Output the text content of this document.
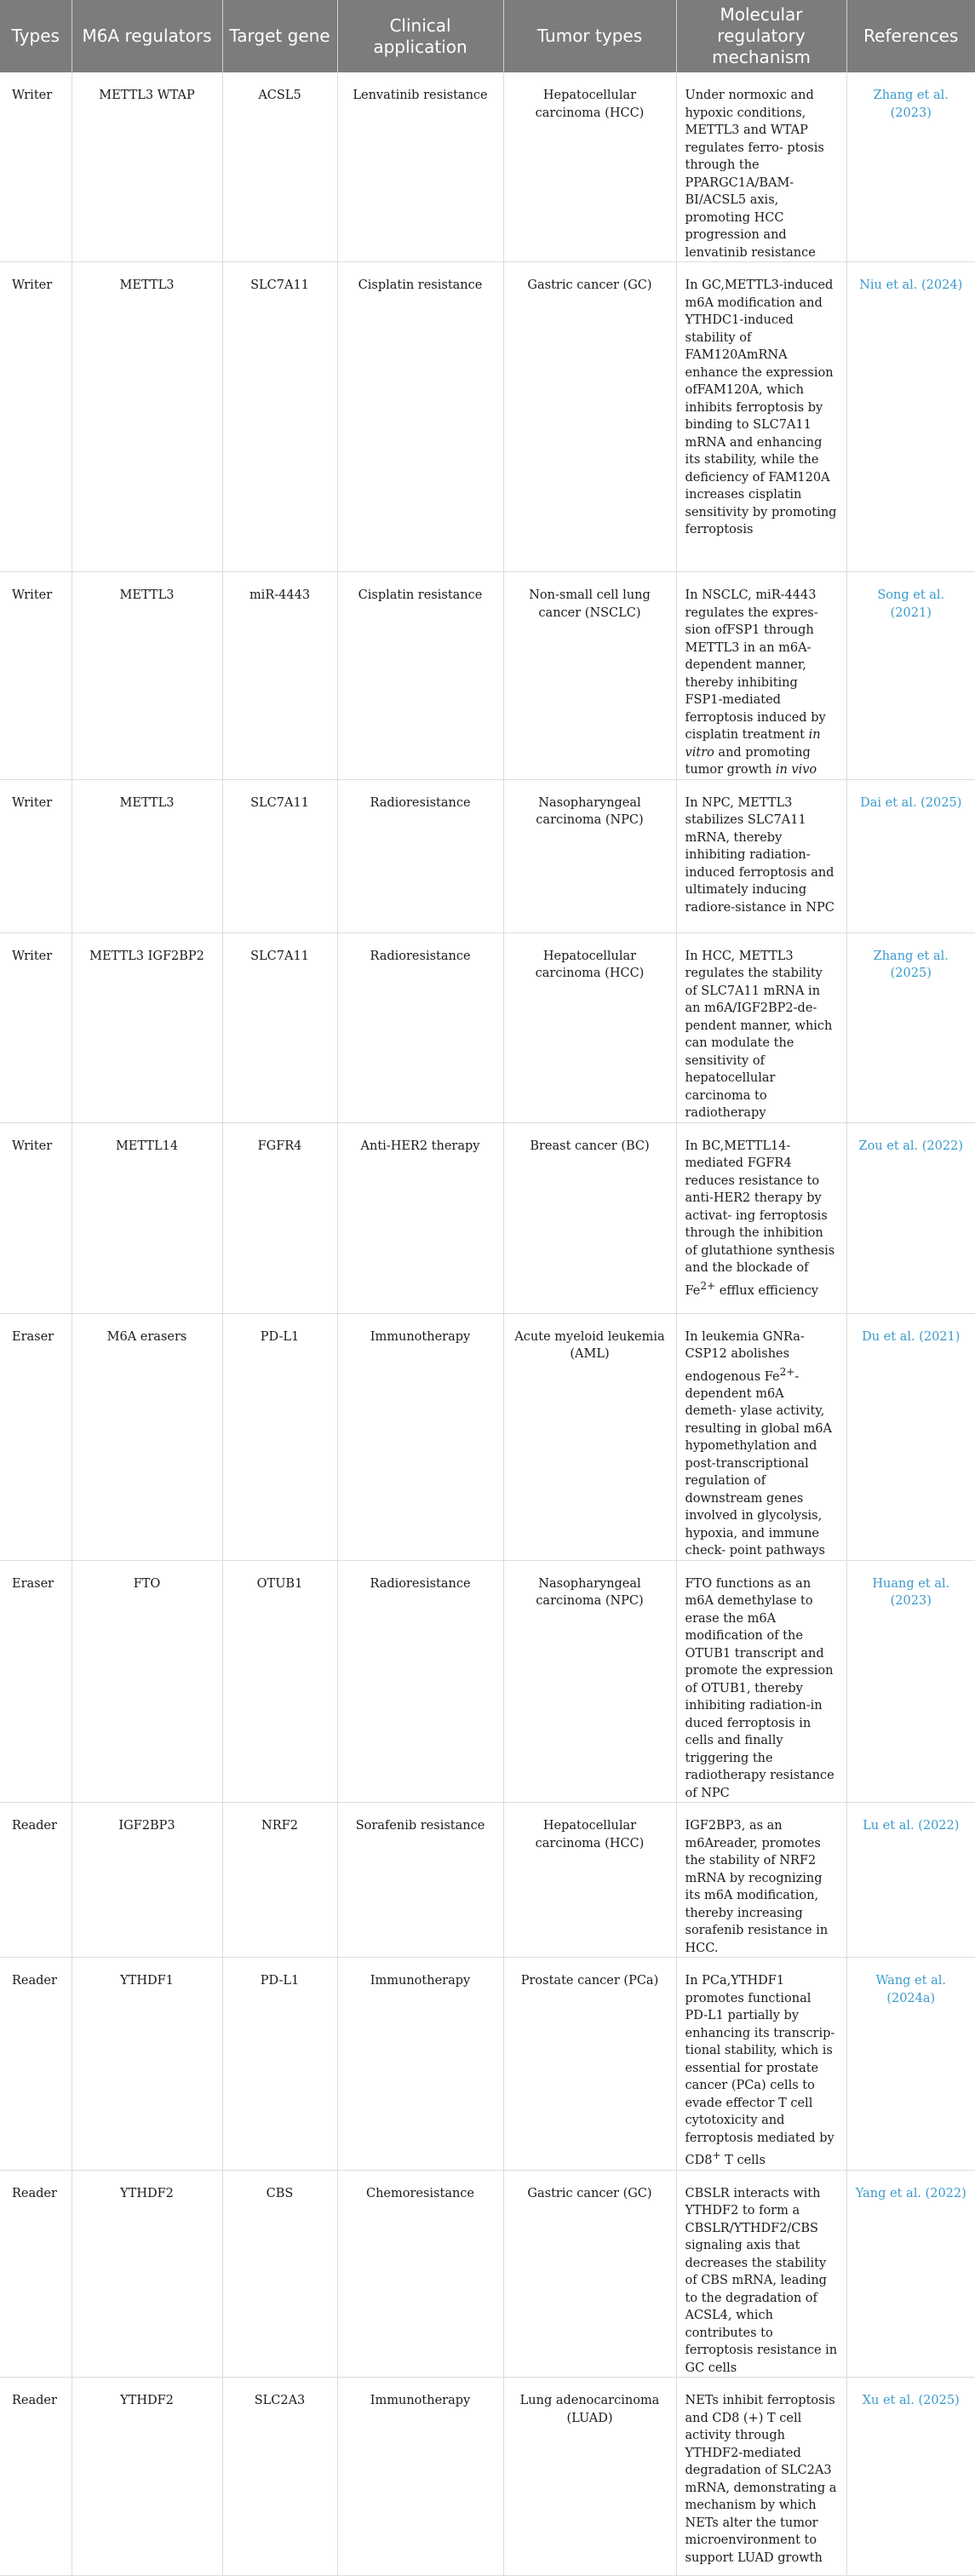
Types	M6A regulators	Target gene	Clinical application	Tumor types	Molecular regulatory mechanism	References
Writer	METTL3 WTAP	ACSL5	Lenvatinib resistance	Hepatocellular carcinoma (HCC)	Under normoxic and hypoxic conditions, METTL3 and WTAP regulates ferro- ptosis through the PPARGC1A/BAM-BI/ACSL5 axis, promoting HCC progression and lenvatinib resistance	Zhang et al. (2023)
Writer	METTL3	SLC7A11	Cisplatin resistance	Gastric cancer (GC)	In GC,METTL3-induced m6A modification and YTHDC1-induced stability of FAM120AmRNA enhance the expression ofFAM120A, which inhibits ferroptosis by binding to SLC7A11 mRNA and enhancing its stability, while the deficiency of FAM120A increases cisplatin sensitivity by promoting ferroptosis	Niu et al. (2024)
Writer	METTL3	miR-4443	Cisplatin resistance	Non-small cell lung cancer (NSCLC)	In NSCLC, miR-4443 regulates the expres- sion ofFSP1 through METTL3 in an m6A-dependent manner, thereby inhibiting FSP1-mediated ferroptosis induced by cisplatin treatment in vitro and promoting tumor growth in vivo	Song et al. (2021)
Writer	METTL3	SLC7A11	Radioresistance	Nasopharyngeal carcinoma (NPC)	In NPC, METTL3 stabilizes SLC7A11 mRNA, thereby inhibiting radiation-induced ferroptosis and ultimately inducing radiore-sistance in NPC	Dai et al. (2025)
Writer	METTL3 IGF2BP2	SLC7A11	Radioresistance	Hepatocellular carcinoma (HCC)	In HCC, METTL3 regulates the stability of SLC7A11 mRNA in an m6A/IGF2BP2-de- pendent manner, which can modulate the sensitivity of hepatocellular carcinoma to radiotherapy	Zhang et al. (2025)
Writer	METTL14	FGFR4	Anti-HER2 therapy	Breast cancer (BC)	In BC,METTL14-mediated FGFR4 reduces resistance to anti-HER2 therapy by activat- ing ferroptosis through the inhibition of glutathione synthesis and the blockade of $Fe^{2+}$ efflux efficiency	Zou et al. (2022)
Eraser	M6A erasers	PD-L1	Immunotherapy	Acute myeloid leukemia (AML)	In leukemia GNRa-CSP12 abolishes endogenous $Fe^{2+}$-dependent m6A demeth- ylase activity, resulting in global m6A hypomethylation and post-transcriptional regulation of downstream genes involved in glycolysis, hypoxia, and immune check- point pathways	Du et al. (2021)
Eraser	FTO	OTUB1	Radioresistance	Nasopharyngeal carcinoma (NPC)	FTO functions as an m6A demethylase to erase the m6A modification of the OTUB1 transcript and promote the expression of OTUB1, thereby inhibiting radiation-in duced ferroptosis in cells and finally triggering the radiotherapy resistance of NPC	Huang et al. (2023)
Reader	IGF2BP3	NRF2	Sorafenib resistance	Hepatocellular carcinoma (HCC)	IGF2BP3, as an m6Areader, promotes the stability of NRF2 mRNA by recognizing its m6A modification, thereby increasing sorafenib resistance in HCC.	Lu et al. (2022)
Reader	YTHDF1	PD-L1	Immunotherapy	Prostate cancer (PCa)	In PCa,YTHDF1 promotes functional PD-L1 partially by enhancing its transcrip- tional stability, which is essential for prostate cancer (PCa) cells to evade effector T cell cytotoxicity and ferroptosis mediated by CD8+ T cells	Wang et al. (2024a)
Reader	YTHDF2	CBS	Chemoresistance	Gastric cancer (GC)	CBSLR interacts with YTHDF2 to form a CBSLR/YTHDF2/CBS signaling axis that decreases the stability of CBS mRNA, leading to the degradation of ACSL4, which contributes to ferroptosis resistance in GC cells	Yang et al. (2022)
Reader	YTHDF2	SLC2A3	Immunotherapy	Lung adenocarcinoma (LUAD)	NETs inhibit ferroptosis and CD8 (+) T cell activity through YTHDF2-mediated degradation of SLC2A3 mRNA, demonstrating a mechanism by which NETs alter the tumor microenvironment to support LUAD growth	Xu et al. (2025)
